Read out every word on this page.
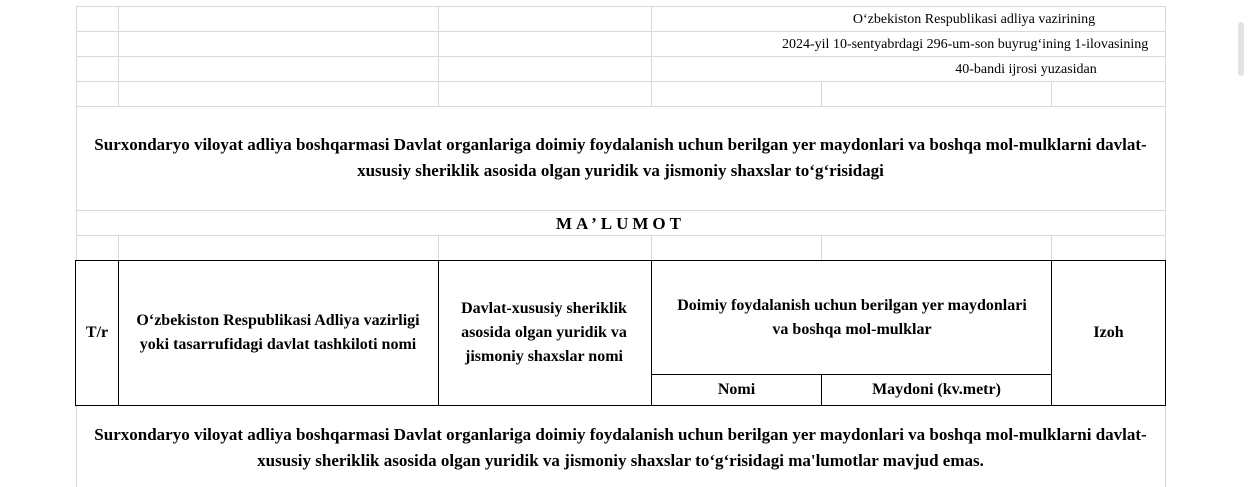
O‘zbekiston Respublikasi adliya vazirining
2024-yil 10-sentyabrdagi 296-um-son buyrug‘ining 1-ilovasining
40-bandi ijrosi yuzasidan
Surxondaryo viloyat adliya boshqarmasi Davlat organlariga doimiy foydalanish uchun berilgan yer maydonlari va boshqa mol-mulklarni davlat-xususiy sheriklik asosida olgan yuridik va jismoniy shaxslar to‘g‘risidagi
MA’LUMOT
T/r
O‘zbekiston Respublikasi Adliya vazirligi yoki tasarrufidagi davlat tashkiloti nomi
Davlat-xususiy sheriklik asosida olgan yuridik va jismoniy shaxslar nomi
Doimiy foydalanish uchun berilgan yer maydonlari va boshqa mol-mulklar
Nomi	Maydoni (kv.metr)
Izoh
Surxondaryo viloyat adliya boshqarmasi Davlat organlariga doimiy foydalanish uchun berilgan yer maydonlari va boshqa mol-mulklarni davlat-xususiy sheriklik asosida olgan yuridik va jismoniy shaxslar to‘g‘risidagi ma'lumotlar mavjud emas.
